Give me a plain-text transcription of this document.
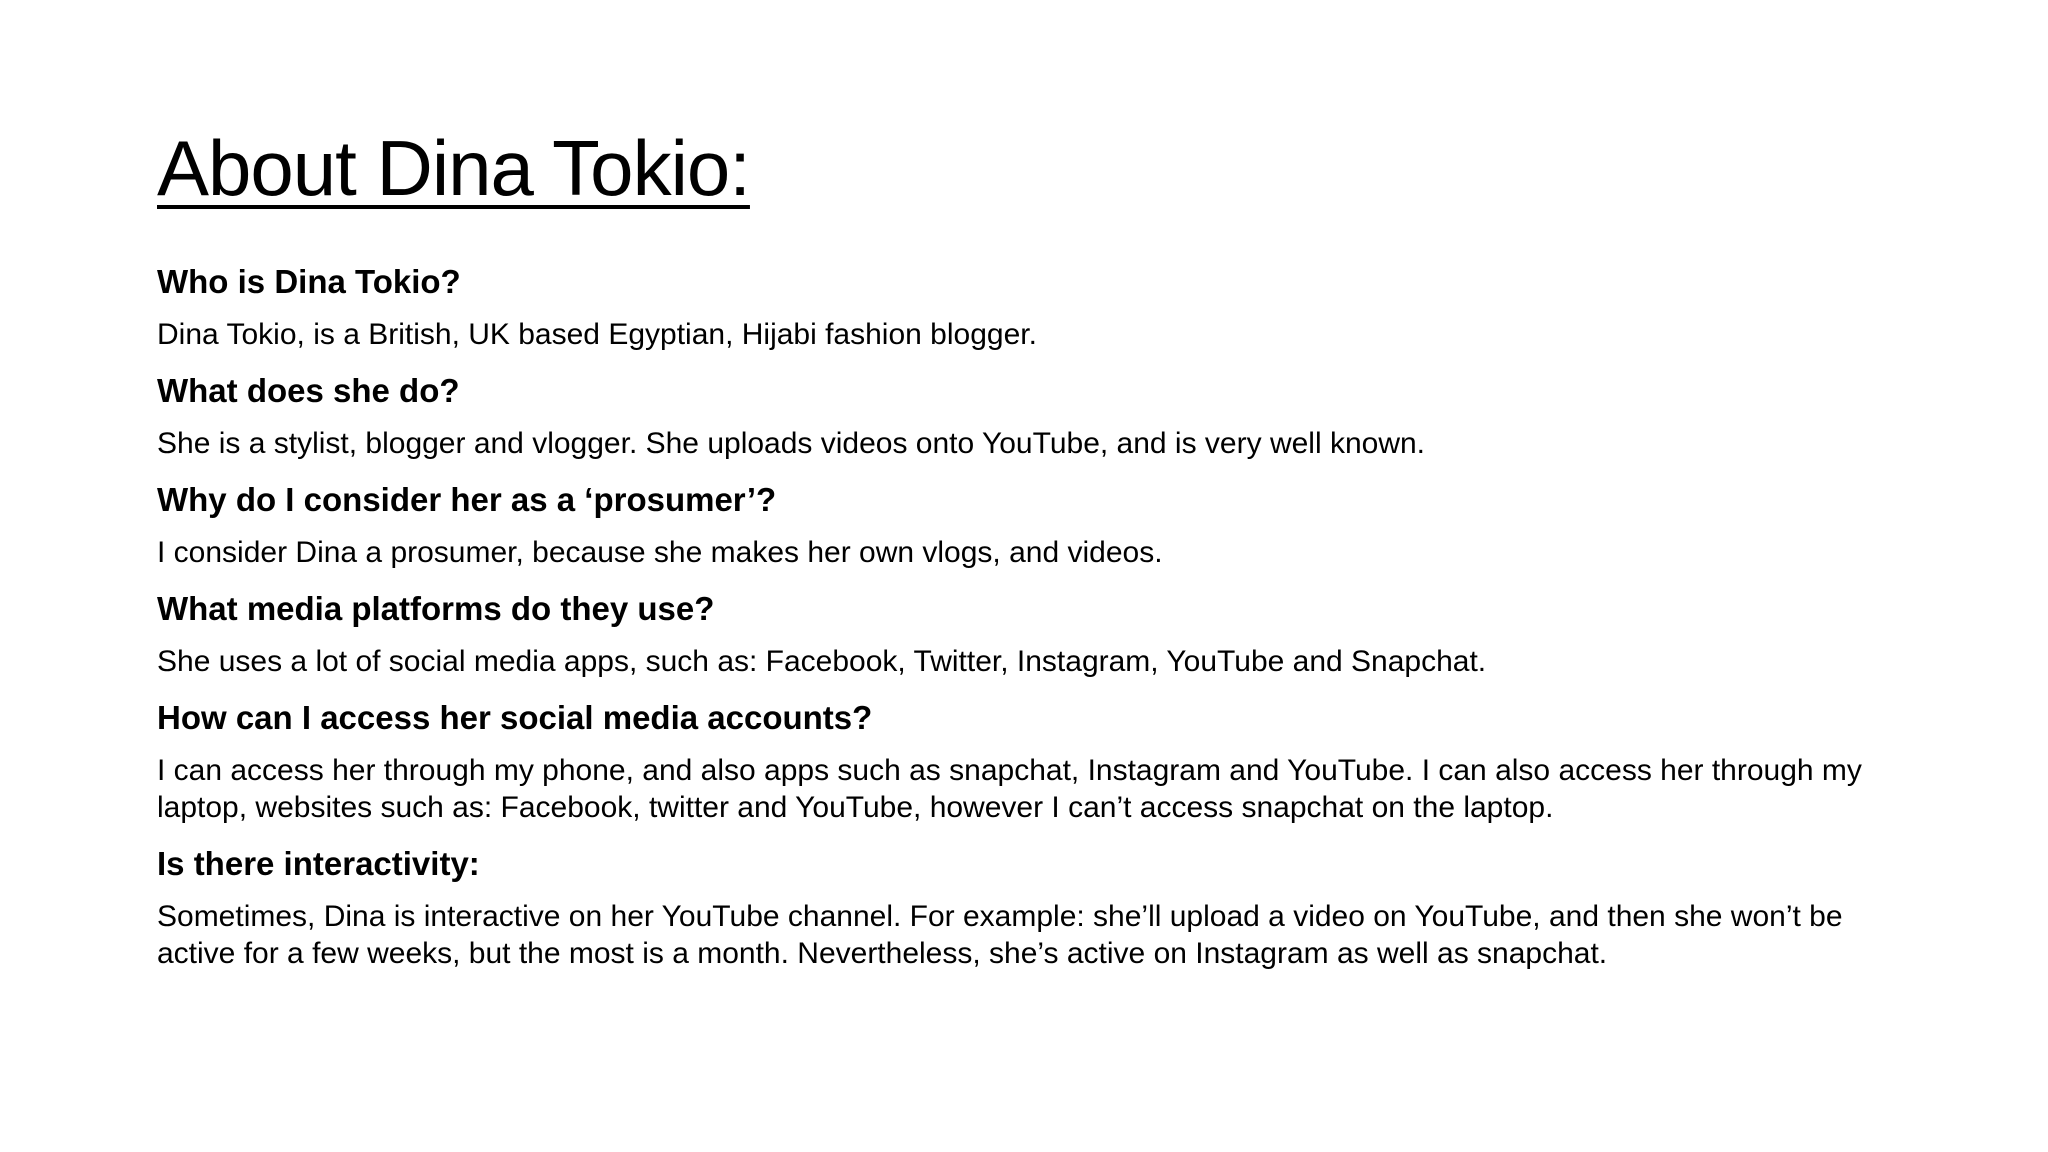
About Dina Tokio:

Who is Dina Tokio?

Dina Tokio, is a British, UK based Egyptian, Hijabi fashion blogger.

What does she do?

She is a stylist, blogger and vlogger. She uploads videos onto YouTube, and is very well known.

Why do I consider her as a ‘prosumer’?

I consider Dina a prosumer, because she makes her own vlogs, and videos.

What media platforms do they use?

She uses a lot of social media apps, such as: Facebook, Twitter, Instagram, YouTube and Snapchat.

How can I access her social media accounts?

I can access her through my phone, and also apps such as snapchat, Instagram and YouTube. I can also access her through my laptop, websites such as: Facebook, twitter and YouTube, however I can’t access snapchat on the laptop.

Is there interactivity:

Sometimes, Dina is interactive on her YouTube channel. For example: she’ll upload a video on YouTube, and then she won’t be active for a few weeks, but the most is a month. Nevertheless, she’s active on Instagram as well as snapchat.
